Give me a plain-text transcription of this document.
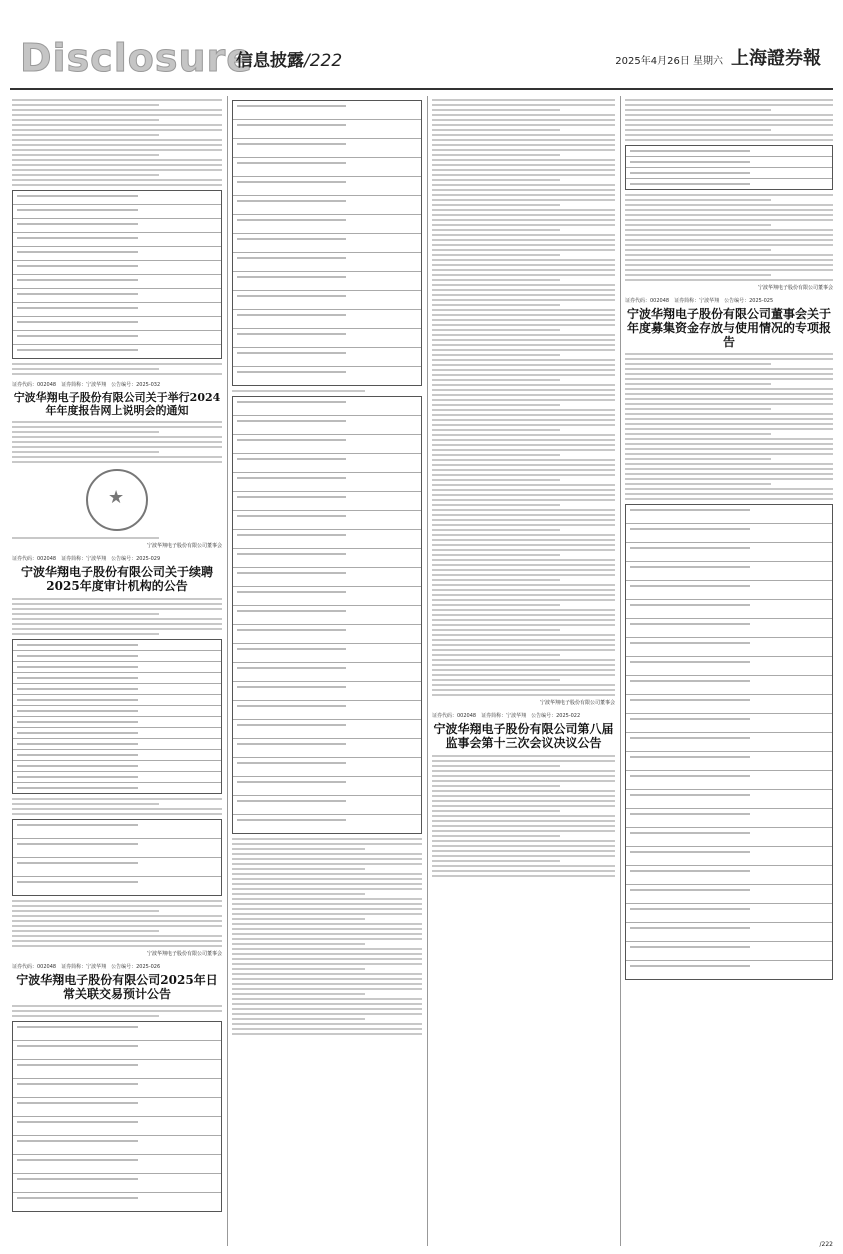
Disclosure
信息披露/222	2025年4月26日 星期六 上海證券報
证券代码：002048　证券简称：宁波华翔　公告编号：2025-032
宁波华翔电子股份有限公司关于举行2024年年度报告网上说明会的通知
★
宁波华翔电子股份有限公司董事会
证券代码：002048　证券简称：宁波华翔　公告编号：2025-029
宁波华翔电子股份有限公司关于续聘2025年度审计机构的公告
宁波华翔电子股份有限公司董事会
证券代码：002048　证券简称：宁波华翔　公告编号：2025-026
宁波华翔电子股份有限公司2025年日常关联交易预计公告
宁波华翔电子股份有限公司董事会
证券代码：002048　证券简称：宁波华翔　公告编号：2025-022
宁波华翔电子股份有限公司第八届监事会第十三次会议决议公告
宁波华翔电子股份有限公司董事会
证券代码：002048　证券简称：宁波华翔　公告编号：2025-025
宁波华翔电子股份有限公司董事会关于年度募集资金存放与使用情况的专项报告
/222
